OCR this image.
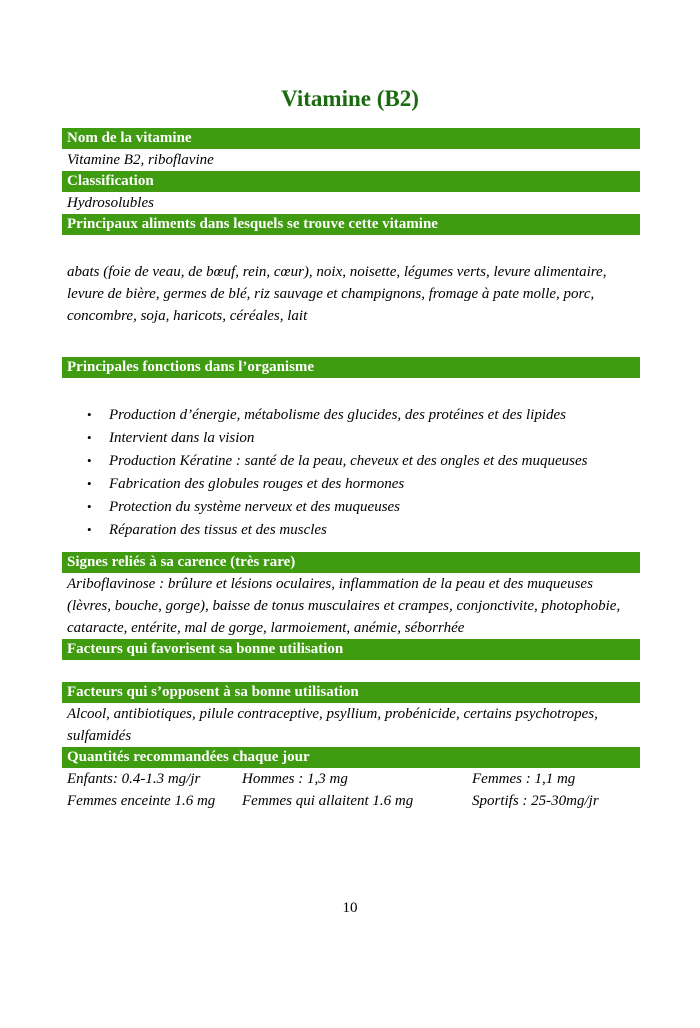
Vitamine (B2)
Nom de la vitamine
Vitamine B2, riboflavine
Classification
Hydrosolubles
Principaux aliments dans lesquels se trouve cette vitamine
abats (foie de veau, de bœuf, rein, cœur), noix, noisette, légumes verts, levure alimentaire, levure de bière, germes de blé, riz sauvage et champignons, fromage à pate molle, porc, concombre, soja, haricots, céréales, lait
Principales fonctions dans l’organisme
• Production d’énergie, métabolisme des glucides, des protéines et des lipides
• Intervient dans la vision
• Production Kératine : santé de la peau, cheveux et des ongles et des muqueuses
• Fabrication des globules rouges et des hormones
• Protection du système nerveux et des muqueuses
• Réparation des tissus et des muscles
Signes reliés à sa carence (très rare)
Ariboflavinose : brûlure et lésions oculaires, inflammation de la peau et des muqueuses (lèvres, bouche, gorge), baisse de tonus musculaires et crampes, conjonctivite, photophobie, cataracte, entérite, mal de gorge, larmoiement, anémie, séborrhée
Facteurs qui favorisent sa bonne utilisation
Facteurs qui s’opposent à sa bonne utilisation
Alcool, antibiotiques, pilule contraceptive, psyllium, probénicide, certains psychotropes, sulfamidés
Quantités recommandées chaque jour
Enfants: 0.4-1.3 mg/jr	Hommes : 1,3 mg	Femmes : 1,1 mg
Femmes enceinte 1.6 mg	Femmes qui allaitent 1.6 mg	Sportifs : 25-30mg/jr
10
